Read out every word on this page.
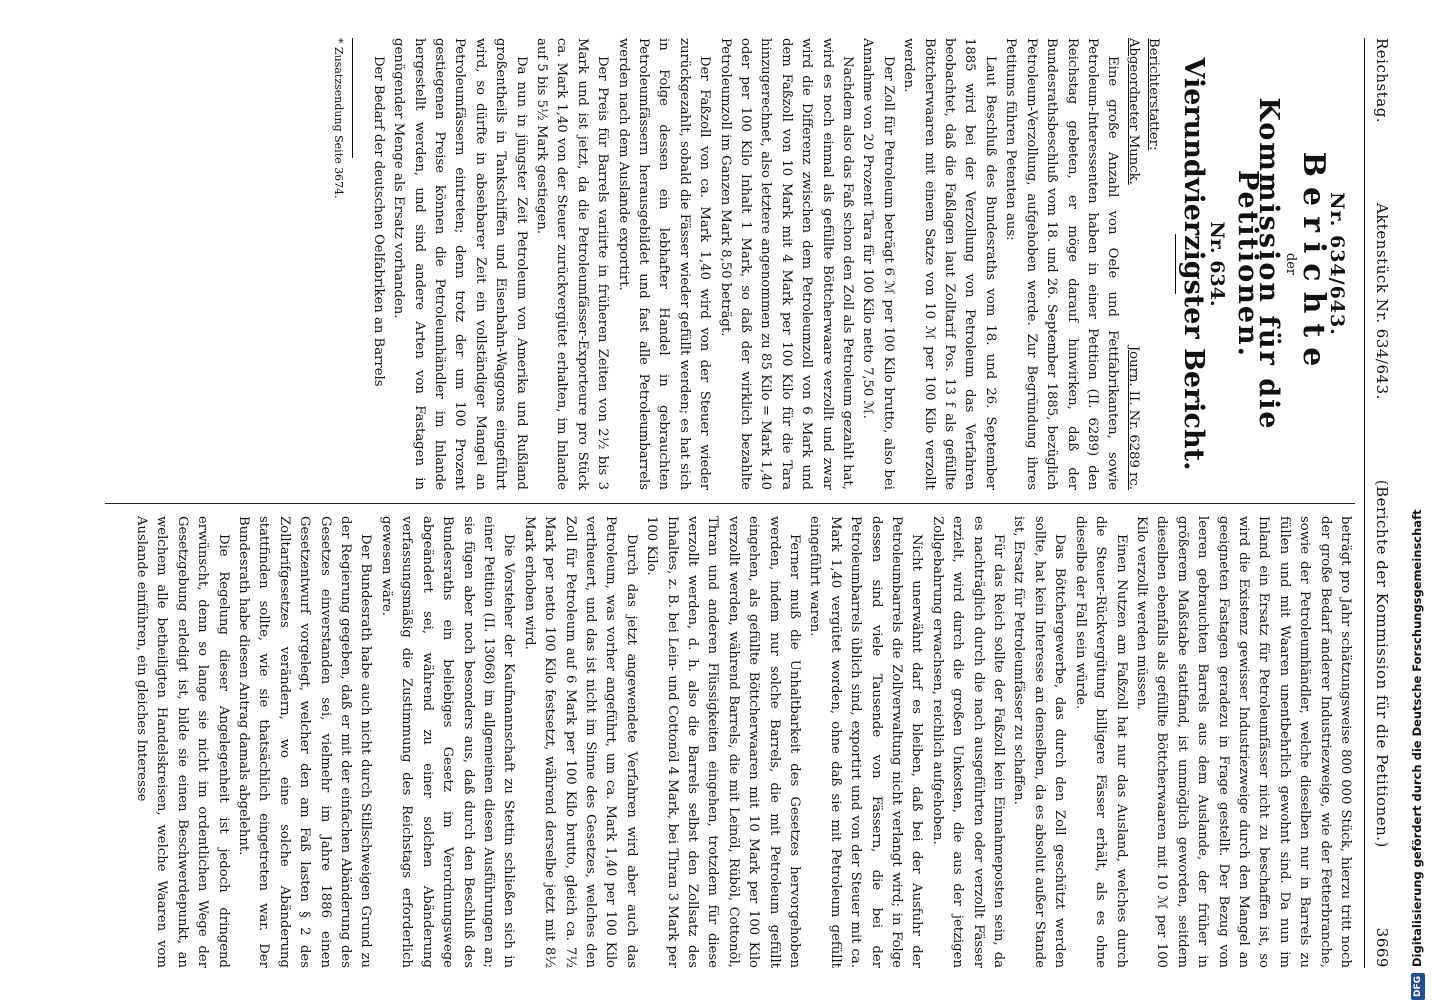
Reichstag.
Aktenstück Nr. 634/643.
(Berichte der Kommission für die Petitionen.)
3669
Nr. 634/643.
Berichte
der
Kommission für die Petitionen.
Nr. 634.
Vierundvierzigster Bericht.
Berichterstatter:
Abgeordneter Munck.
Journ. II. Nr. 6289 rc.

Eine große Anzahl von Oele und Fettfabrikanten, sowie Petroleum-Interessenten haben in einer Petition (II. 6289) den Reichstag gebeten, er möge darauf hinwirken, daß der Bundesrathsbeschluß vom 18. und 26. September 1885, bezüglich Petroleum-Verzollung, aufgehoben werde. Zur Begründung ihres Petitums führen Petenten aus:

Laut Beschluß des Bundesraths vom 18. und 26. September 1885 wird bei der Verzollung von Petroleum das Verfahren beobachtet, daß die Faßlagen laut Zolltarif Pos. 13 f als gefüllte Böttcherwaaren mit einem Satze von 10 ℳ per 100 Kilo verzollt werden.

Der Zoll für Petroleum beträgt 6 ℳ per 100 Kilo brutto, also bei Annahme von 20 Prozent Tara für 100 Kilo netto 7,50 ℳ.

Nachdem also das Faß schon den Zoll als Petroleum gezahlt hat, wird es noch einmal als gefüllte Böttcherwaare verzollt und zwar wird die Differenz zwischen dem Petroleumzoll von 6 Mark und dem Faßzoll von 10 Mark mit 4 Mark per 100 Kilo für die Tara hinzugerechnet, also letztere angenommen zu 85 Kilo = Mark 1,40 oder per 100 Kilo Inhalt 1 Mark, so daß der wirklich bezahlte Petroleumzoll im Ganzen Mark 8,50 beträgt.

Der Faßzoll von ca. Mark 1,40 wird von der Steuer wieder zurückgezahlt, sobald die Fässer wieder gefüllt werden; es hat sich in Folge dessen ein lebhafter Handel in gebrauchten Petroleumfässern herausgebildet und fast alle Petroleumbarrels werden nach dem Auslande exportirt.

Der Preis für Barrels variirte in früheren Zeiten von 2½ bis 3 Mark und ist jetzt, da die Petroleumfässer-Exporteure pro Stück ca. Mark 1,40 von der Steuer zurückvergütet erhalten, im Inlande auf 5 bis 5½ Mark gestiegen.

Da nun in jüngster Zeit Petroleum von Amerika und Rußland großentheils in Tankschiffen und Eisenbahn-Waggons eingeführt wird, so dürfte in absehbarer Zeit ein vollständiger Mangel an Petroleumfässern eintreten; denn trotz der um 100 Prozent gestiegenen Preise können die Petroleumhändler im Inlande hergestellt werden, und sind andere Arten von Fastagen in genügender Menge als Ersatz vorhanden.

Der Bedarf der deutschen Oelfabriken an Barrels

* Zusatzsendung Seite 3674.

beträgt pro Jahr schätzungsweise 800 000 Stück, hierzu tritt noch der große Bedarf anderer Industriezweige, wie der Fetterbranche, sowie der Petroleumhändler, welche dieselben nur in Barrels zu füllen und mit Waaren unentbehrlich gewohnt sind. Da nun im Inland ein Ersatz für Petroleumfässer nicht zu beschaffen ist, so wird die Existenz gewisser Industriezweige durch den Mangel an geeigneten Fastagen geradezu in Frage gestellt. Der Bezug von leeren gebrauchten Barrels aus dem Auslande, der früher in größerem Maßstabe stattfand, ist unmöglich geworden, seitdem dieselben ebenfalls als gefüllte Böttcherwaaren mit 10 ℳ per 100 Kilo verzollt werden müssen.

Einen Nutzen am Faßzoll hat nur das Ausland, welches durch die Steuer-Rückvergütung billigere Fässer erhält, als es ohne dieselbe der Fall sein würde.

Das Böttchergewerbe, das durch den Zoll geschützt werden sollte, hat kein Interesse an denselben, da es absolut außer Stande ist, Ersatz für Petroleumfässer zu schaffen.

Für das Reich sollte der Faßzoll kein Einnahmeposten sein, da es nachträglich durch die nach ausgeführten oder verzollt Fässer erzielt, wird durch die großen Unkosten, die aus der jetzigen Zollgebahrung erwachsen, reichlich aufgehoben.

Nicht unerwähnt darf es bleiben, daß bei der Ausfuhr der Petroleumbarrels die Zollverwaltung nicht verlangt wird; in Folge dessen sind viele Tausende von Fässern, die bei der Petroleumbarrels üblich sind, exportirt und von der Steuer mit ca. Mark 1,40 vergütet worden, ohne daß sie mit Petroleum gefüllt eingeführt waren.

Ferner muß die Unhaltbarkeit des Gesetzes hervorgehoben werden, indem nur solche Barrels, die mit Petroleum gefüllt eingehen, als gefüllte Böttcherwaaren mit 10 Mark per 100 Kilo verzollt werden, während Barrels, die mit Leinöl, Rüböl, Cottonöl, Thran und anderen Flüssigkeiten eingehen, trotzdem für diese verzollt werden, d. h. also die Barrels selbst den Zollsatz des Inhaltes, z. B. bei Lein- und Cottonöl 4 Mark, bei Thran 3 Mark per 100 Kilo.

Durch das jetzt angewendete Verfahren wird aber auch das Petroleum, was vorher angeführt, um ca. Mark 1,40 per 100 Kilo vertheuert, und das ist nicht im Sinne des Gesetzes, welches den Zoll für Petroleum auf 6 Mark per 100 Kilo brutto, gleich ca. 7½ Mark per netto 100 Kilo festsetzt, während derselbe jetzt mit 8½ Mark erhoben wird.

Die Vorsteher der Kaufmannschaft zu Stettin schließen sich in einer Petition (II. 13068) im allgemeinen diesen Ausführungen an; sie fügen aber noch besonders aus, daß durch den Beschluß des Bundesraths ein beliebiges Gesetz im Verordnungswege abgeändert sei, während zu einer solchen Abänderung verfassungsmäßig die Zustimmung des Reichstags erforderlich gewesen wäre.

Der Bundesrath habe auch nicht durch Stillschweigen Grund zu der Regierung gegeben, daß er mit der einfachen Abänderung des Gesetzes einverstanden sei, vielmehr im Jahre 1886 einen Gesetzentwurf vorgelegt, welcher den am Faß lasten § 2 des Zolltarifgesetzes verändern, wo eine solche Abänderung stattfinden sollte, wie sie thatsächlich eingetreten war. Der Bundesrath habe diesen Antrag damals abgelehnt.

Die Regelung dieser Angelegenheit ist jedoch dringend erwünscht, denn so lange sie nicht im ordentlichen Wege der Gesetzgebung erledigt ist, bilde sie einen Beschwerdepunkt, an welchem alle betheiligten Handelskreisen, welche Waaren vom Auslande einführen, ein gleiches Interesse

DFGDigitalisierung gefördert durch die Deutsche Forschungsgemeinschaft
